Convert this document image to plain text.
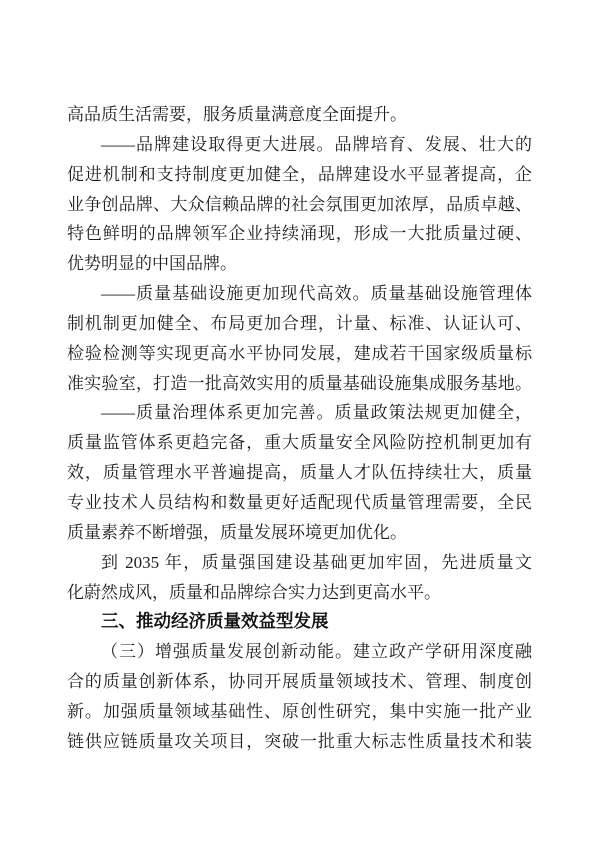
高品质生活需要，服务质量满意度全面提升。
——品牌建设取得更大进展。品牌培育、发展、壮大的
促进机制和支持制度更加健全，品牌建设水平显著提高，企
业争创品牌、大众信赖品牌的社会氛围更加浓厚，品质卓越、
特色鲜明的品牌领军企业持续涌现，形成一大批质量过硬、
优势明显的中国品牌。
——质量基础设施更加现代高效。质量基础设施管理体
制机制更加健全、布局更加合理，计量、标准、认证认可、
检验检测等实现更高水平协同发展，建成若干国家级质量标
准实验室，打造一批高效实用的质量基础设施集成服务基地。
——质量治理体系更加完善。质量政策法规更加健全，
质量监管体系更趋完备，重大质量安全风险防控机制更加有
效，质量管理水平普遍提高，质量人才队伍持续壮大，质量
专业技术人员结构和数量更好适配现代质量管理需要，全民
质量素养不断增强，质量发展环境更加优化。
到 2035 年，质量强国建设基础更加牢固，先进质量文
化蔚然成风，质量和品牌综合实力达到更高水平。
三、推动经济质量效益型发展
（三）增强质量发展创新动能。建立政产学研用深度融
合的质量创新体系，协同开展质量领域技术、管理、制度创
新。加强质量领域基础性、原创性研究，集中实施一批产业
链供应链质量攻关项目，突破一批重大标志性质量技术和装
